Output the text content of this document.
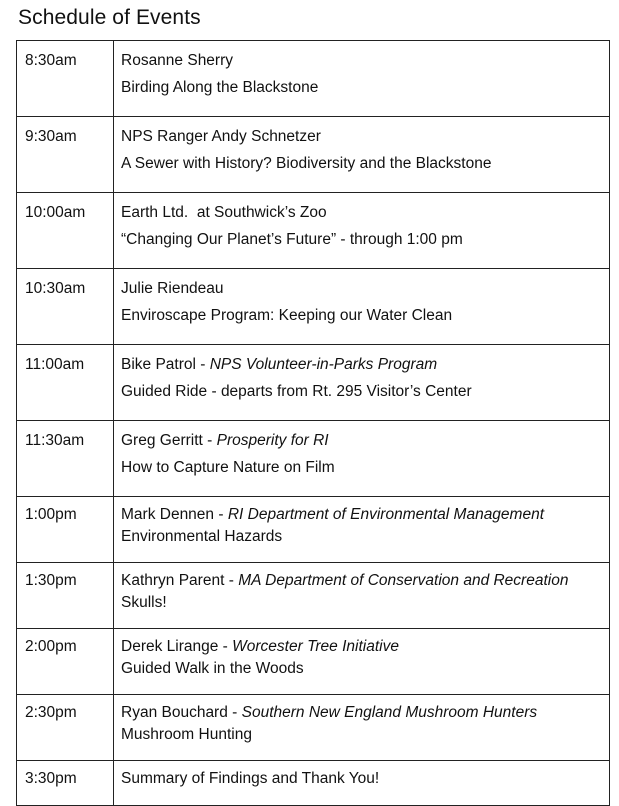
Schedule of Events
8:30am	Rosanne Sherry
Birding Along the Blackstone

9:30am	NPS Ranger Andy Schnetzer
A Sewer with History? Biodiversity and the Blackstone

10:00am	Earth Ltd.  at Southwick’s Zoo
“Changing Our Planet’s Future” - through 1:00 pm

10:30am	Julie Riendeau
Enviroscape Program: Keeping our Water Clean

11:00am	Bike Patrol - NPS Volunteer-in-Parks Program
Guided Ride - departs from Rt. 295 Visitor’s Center

11:30am	Greg Gerritt - Prosperity for RI
How to Capture Nature on Film

1:00pm	Mark Dennen - RI Department of Environmental Management
Environmental Hazards

1:30pm	Kathryn Parent - MA Department of Conservation and Recreation
Skulls!

2:00pm	Derek Lirange - Worcester Tree Initiative
Guided Walk in the Woods

2:30pm	Ryan Bouchard - Southern New England Mushroom Hunters
Mushroom Hunting

3:30pm	Summary of Findings and Thank You!
